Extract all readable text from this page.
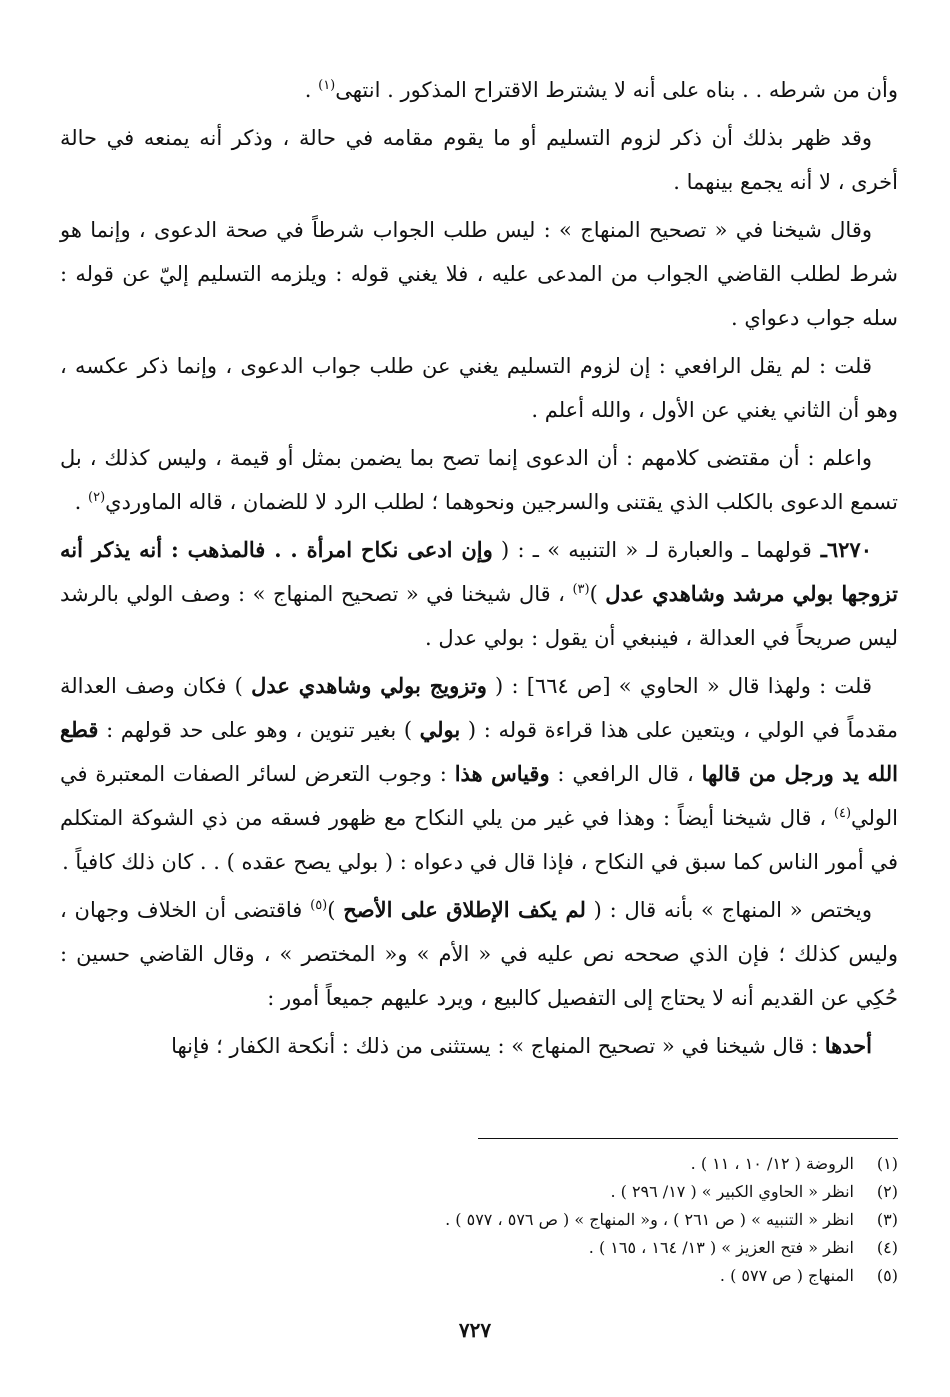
وأن من شرطه . . بناه على أنه لا يشترط الاقتراح المذكور . انتهى$^{(١)}$ .

وقد ظهر بذلك أن ذكر لزوم التسليم أو ما يقوم مقامه في حالة ، وذكر أنه يمنعه في حالة أخرى ، لا أنه يجمع بينهما .

وقال شيخنا في « تصحيح المنهاج » : ليس طلب الجواب شرطاً في صحة الدعوى ، وإنما هو شرط لطلب القاضي الجواب من المدعى عليه ، فلا يغني قوله : ويلزمه التسليم إليّ عن قوله : سله جواب دعواي .

قلت : لم يقل الرافعي : إن لزوم التسليم يغني عن طلب جواب الدعوى ، وإنما ذكر عكسه ، وهو أن الثاني يغني عن الأول ، والله أعلم .

واعلم : أن مقتضى كلامهم : أن الدعوى إنما تصح بما يضمن بمثل أو قيمة ، وليس كذلك ، بل تسمع الدعوى بالكلب الذي يقتنى والسرجين ونحوهما ؛ لطلب الرد لا للضمان ، قاله الماوردي$^{(٢)}$ .

٦٢٧٠ـ قولهما ـ والعبارة لـ « التنبيه » ـ : ( وإن ادعى نكاح امرأة . . فالمذهب : أنه يذكر أنه تزوجها بولي مرشد وشاهدي عدل )$^{(٣)}$ ، قال شيخنا في « تصحيح المنهاج » : وصف الولي بالرشد ليس صريحاً في العدالة ، فينبغي أن يقول : بولي عدل .

قلت : ولهذا قال « الحاوي » [ص ٦٦٤] : ( وتزويج بولي وشاهدي عدل ) فكان وصف العدالة مقدماً في الولي ، ويتعين على هذا قراءة قوله : ( بولي ) بغير تنوين ، وهو على حد قولهم : قطع الله يد ورجل من قالها ، قال الرافعي : وقياس هذا : وجوب التعرض لسائر الصفات المعتبرة في الولي$^{(٤)}$ ، قال شيخنا أيضاً : وهذا في غير من يلي النكاح مع ظهور فسقه من ذي الشوكة المتكلم في أمور الناس كما سبق في النكاح ، فإذا قال في دعواه : ( بولي يصح عقده ) . . كان ذلك كافياً .

ويختص « المنهاج » بأنه قال : ( لم يكف الإطلاق على الأصح )$^{(٥)}$ فاقتضى أن الخلاف وجهان ، وليس كذلك ؛ فإن الذي صححه نص عليه في « الأم » و« المختصر » ، وقال القاضي حسين : حُكِي عن القديم أنه لا يحتاج إلى التفصيل كالبيع ، ويرد عليهم جميعاً أمور :

أحدها : قال شيخنا في « تصحيح المنهاج » : يستثنى من ذلك : أنكحة الكفار ؛ فإنها

(١)
الروضة ( ١٢/ ١٠ ، ١١ ) .
(٢)
انظر « الحاوي الكبير » ( ١٧/ ٢٩٦ ) .
(٣)
انظر « التنبيه » ( ص ٢٦١ ) ، و« المنهاج » ( ص ٥٧٦ ، ٥٧٧ ) .
(٤)
انظر « فتح العزيز » ( ١٣/ ١٦٤ ، ١٦٥ ) .
(٥)
المنهاج ( ص ٥٧٧ ) .
٧٢٧
